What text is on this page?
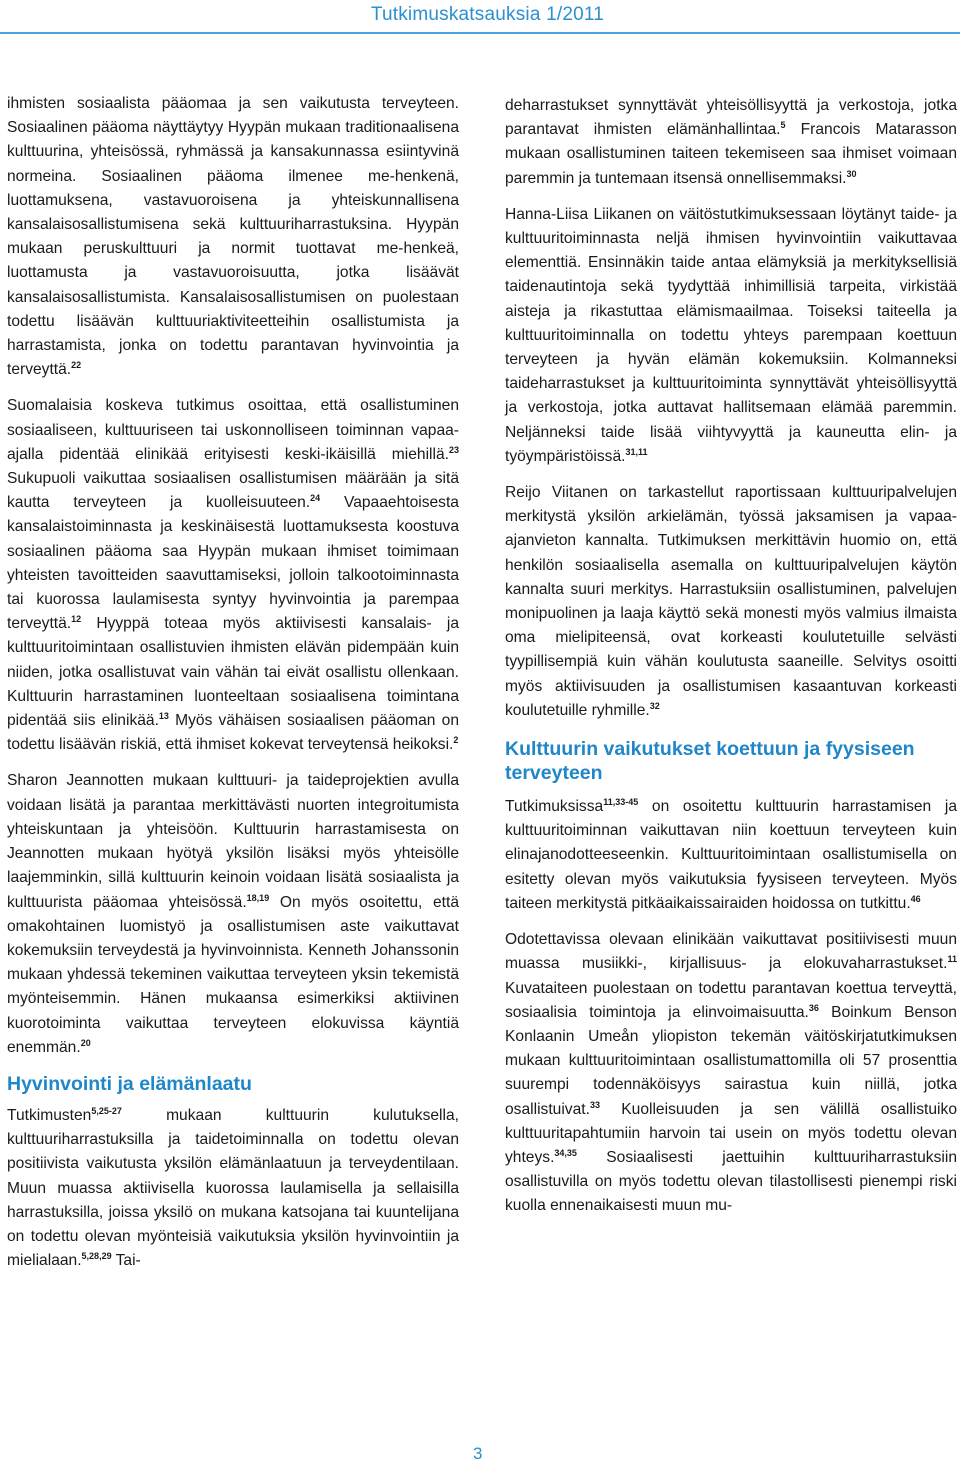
Tutkimuskatsauksia 1/2011

ihmisten sosiaalista pääomaa ja sen vaikutusta terveyteen. Sosiaalinen pääoma näyttäytyy Hyypän mukaan traditionaalisena kulttuurina, yhteisössä, ryhmässä ja kansakunnassa esiintyvinä normeina. Sosiaalinen pääoma ilmenee me-henkenä, luottamuksena, vastavuoroisena ja yhteiskunnallisena kansalaisosallistumisena sekä kulttuuriharrastuksina. Hyypän mukaan peruskulttuuri ja normit tuottavat me-henkeä, luottamusta ja vastavuoroisuutta, jotka lisäävät kansalaisosallistumista. Kansalaisosallistumisen on puolestaan todettu lisäävän kulttuuriaktiviteetteihin osallistumista ja harrastamista, jonka on todettu parantavan hyvinvointia ja terveyttä.$^{22}$

Suomalaisia koskeva tutkimus osoittaa, että osallistuminen sosiaaliseen, kulttuuriseen tai uskonnolliseen toiminnan vapaa-ajalla pidentää elinikää erityisesti keski-ikäisillä miehillä.$^{23}$ Sukupuoli vaikuttaa sosiaalisen osallistumisen määrään ja sitä kautta terveyteen ja kuolleisuuteen.$^{24}$ Vapaaehtoisesta kansalaistoiminnasta ja keskinäisestä luottamuksesta koostuva sosiaalinen pääoma saa Hyypän mukaan ihmiset toimimaan yhteisten tavoitteiden saavuttamiseksi, jolloin talkootoiminnasta tai kuorossa laulamisesta syntyy hyvinvointia ja parempaa terveyttä.$^{12}$ Hyyppä toteaa myös aktiivisesti kansalais- ja kulttuuritoimintaan osallistuvien ihmisten elävän pidempään kuin niiden, jotka osallistuvat vain vähän tai eivät osallistu ollenkaan. Kulttuurin harrastaminen luonteeltaan sosiaalisena toimintana pidentää siis elinikää.$^{13}$ Myös vähäisen sosiaalisen pääoman on todettu lisäävän riskiä, että ihmiset kokevat terveytensä heikoksi.$^2$

Sharon Jeannotten mukaan kulttuuri- ja taideprojektien avulla voidaan lisätä ja parantaa merkittävästi nuorten integroitumista yhteiskuntaan ja yhteisöön. Kulttuurin harrastamisesta on Jeannotten mukaan hyötyä yksilön lisäksi myös yhteisölle laajemminkin, sillä kulttuurin keinoin voidaan lisätä sosiaalista ja kulttuurista pääomaa yhteisössä.$^{18,19}$ On myös osoitettu, että omakohtainen luomistyö ja osallistumisen aste vaikuttavat kokemuksiin terveydestä ja hyvinvoinnista. Kenneth Johanssonin mukaan yhdessä tekeminen vaikuttaa terveyteen yksin tekemistä myönteisemmin. Hänen mukaansa esimerkiksi aktiivinen kuorotoiminta vaikuttaa terveyteen elokuvissa käyntiä enemmän.$^{20}$

Hyvinvointi ja elämänlaatu

Tutkimusten$^{5,25-27}$ mukaan kulttuurin kulutuksella, kulttuuriharrastuksilla ja taidetoiminnalla on todettu olevan positiivista vaikutusta yksilön elämänlaatuun ja terveydentilaan. Muun muassa aktiivisella kuorossa laulamisella ja sellaisilla harrastuksilla, joissa yksilö on mukana katsojana tai kuuntelijana on todettu olevan myönteisiä vaikutuksia yksilön hyvinvointiin ja mielialaan.$^{5,28,29}$ Tai-

deharrastukset synnyttävät yhteisöllisyyttä ja verkostoja, jotka parantavat ihmisten elämänhallintaa.$^5$ Francois Matarasson mukaan osallistuminen taiteen tekemiseen saa ihmiset voimaan paremmin ja tuntemaan itsensä onnellisemmaksi.$^{30}$

Hanna-Liisa Liikanen on väitöstutkimuksessaan löytänyt taide- ja kulttuuritoiminnasta neljä ihmisen hyvinvointiin vaikuttavaa elementtiä. Ensinnäkin taide antaa elämyksiä ja merkityksellisiä taidenautintoja sekä tyydyttää inhimillisiä tarpeita, virkistää aisteja ja rikastuttaa elämismaailmaa. Toiseksi taiteella ja kulttuuritoiminnalla on todettu yhteys parempaan koettuun terveyteen ja hyvän elämän kokemuksiin. Kolmanneksi taideharrastukset ja kulttuuritoiminta synnyttävät yhteisöllisyyttä ja verkostoja, jotka auttavat hallitsemaan elämää paremmin. Neljänneksi taide lisää viihtyvyyttä ja kauneutta elin- ja työympäristöissä.$^{31,11}$

Reijo Viitanen on tarkastellut raportissaan kulttuuripalvelujen merkitystä yksilön arkielämän, työssä jaksamisen ja vapaa-ajanvieton kannalta. Tutkimuksen merkittävin huomio on, että henkilön sosiaalisella asemalla on kulttuuripalvelujen käytön kannalta suuri merkitys. Harrastuksiin osallistuminen, palvelujen monipuolinen ja laaja käyttö sekä monesti myös valmius ilmaista oma mielipiteensä, ovat korkeasti koulutetuille selvästi tyypillisempiä kuin vähän koulutusta saaneille. Selvitys osoitti myös aktiivisuuden ja osallistumisen kasaantuvan korkeasti koulutetuille ryhmille.$^{32}$

Kulttuurin vaikutukset koettuun ja fyysiseen terveyteen

Tutkimuksissa$^{11,33-45}$ on osoitettu kulttuurin harrastamisen ja kulttuuritoiminnan vaikuttavan niin koettuun terveyteen kuin elinajanodotteeseenkin. Kulttuuritoimintaan osallistumisella on esitetty olevan myös vaikutuksia fyysiseen terveyteen. Myös taiteen merkitystä pitkäaikaissairaiden hoidossa on tutkittu.$^{46}$

Odotettavissa olevaan elinikään vaikuttavat positiivisesti muun muassa musiikki-, kirjallisuus- ja elokuvaharrastukset.$^{11}$ Kuvataiteen puolestaan on todettu parantavan koettua terveyttä, sosiaalisia toimintoja ja elinvoimaisuutta.$^{36}$ Boinkum Benson Konlaanin Umeån yliopiston tekemän väitöskirjatutkimuksen mukaan kulttuuritoimintaan osallistumattomilla oli 57 prosenttia suurempi todennäköisyys sairastua kuin niillä, jotka osallistuivat.$^{33}$ Kuolleisuuden ja sen välillä osallistuiko kulttuuritapahtumiin harvoin tai usein on myös todettu olevan yhteys.$^{34,35}$ Sosiaalisesti jaettuihin kulttuuriharrastuksiin osallistuvilla on myös todettu olevan tilastollisesti pienempi riski kuolla ennenaikaisesti muun mu-

3
